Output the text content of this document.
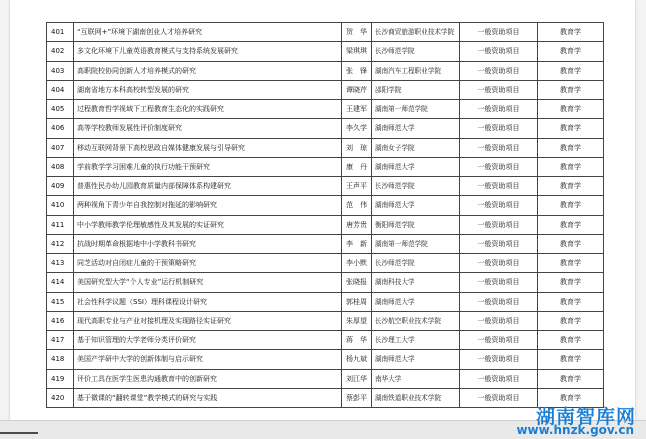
401	“互联网+”环境下湖南创业人才培养研究	贺　华	长沙商贸旅游职业技术学院	一般资助项目	教育学
402	多文化环境下儿童英语教育模式与支持系统发展研究	梁琪琪	长沙师范学院	一般资助项目	教育学
403	高职院校协同创新人才培养模式的研究	张　锋	湖南汽车工程职业学院	一般资助项目	教育学
404	湖南省地方本科高校转型发展的研究	谭晓芹	邵阳学院	一般资助项目	教育学
405	过程教育哲学视域下工程教育生态化的实践研究	王建军	湖南第一师范学院	一般资助项目	教育学
406	高等学校教师发展性评价制度研究	李久学	湖南师范大学	一般资助项目	教育学
407	移动互联网背景下高校思政自媒体健康发展与引导研究	刘　琼	湖南女子学院	一般资助项目	教育学
408	学前教学学习困难儿童的执行功能干预研究	康　丹	湖南师范大学	一般资助项目	教育学
409	普惠性民办幼儿园教育质量内部保障体系构建研究	王声平	长沙师范学院	一般资助项目	教育学
410	两种视角下青少年自我控制对拖延的影响研究	范　伟	湖南师范大学	一般资助项目	教育学
411	中小学教师教学伦理敏感性及其发展的实证研究	唐芳贵	衡阳师范学院	一般资助项目	教育学
412	抗战时期革命根据地中小学教科书研究	李　新	湖南第一师范学院	一般资助项目	教育学
413	同芝活动对自闭症儿童的干预策略研究	李小默	长沙师范学院	一般资助项目	教育学
414	美国研究型大学“个人专业”运行机制研究	张晓报	湖南科技大学	一般资助项目	教育学
415	社会性科学议题（SSI）理科课程设计研究	郭桂周	湖南师范大学	一般资助项目	教育学
416	现代高职专业与产业对接机理及实现路径实证研究	朱厚望	长沙航空职业技术学院	一般资助项目	教育学
417	基于知识管理的大学老师分类评价研究	蒋　华	长沙理工大学	一般资助项目	教育学
418	美国产学研中大学的创新体制与启示研究	杨九斌	湖南师范大学	一般资助项目	教育学
419	评价工具在医学生医患沟通教育中的创新研究	刘江华	南华大学	一般资助项目	教育学
420	基于微课的“翻转课堂”教学模式的研究与实践	蔡彭平	湖南铁道职业技术学院	一般资助项目	教育学
湖南智库网
www.hnzk.gov.cn
